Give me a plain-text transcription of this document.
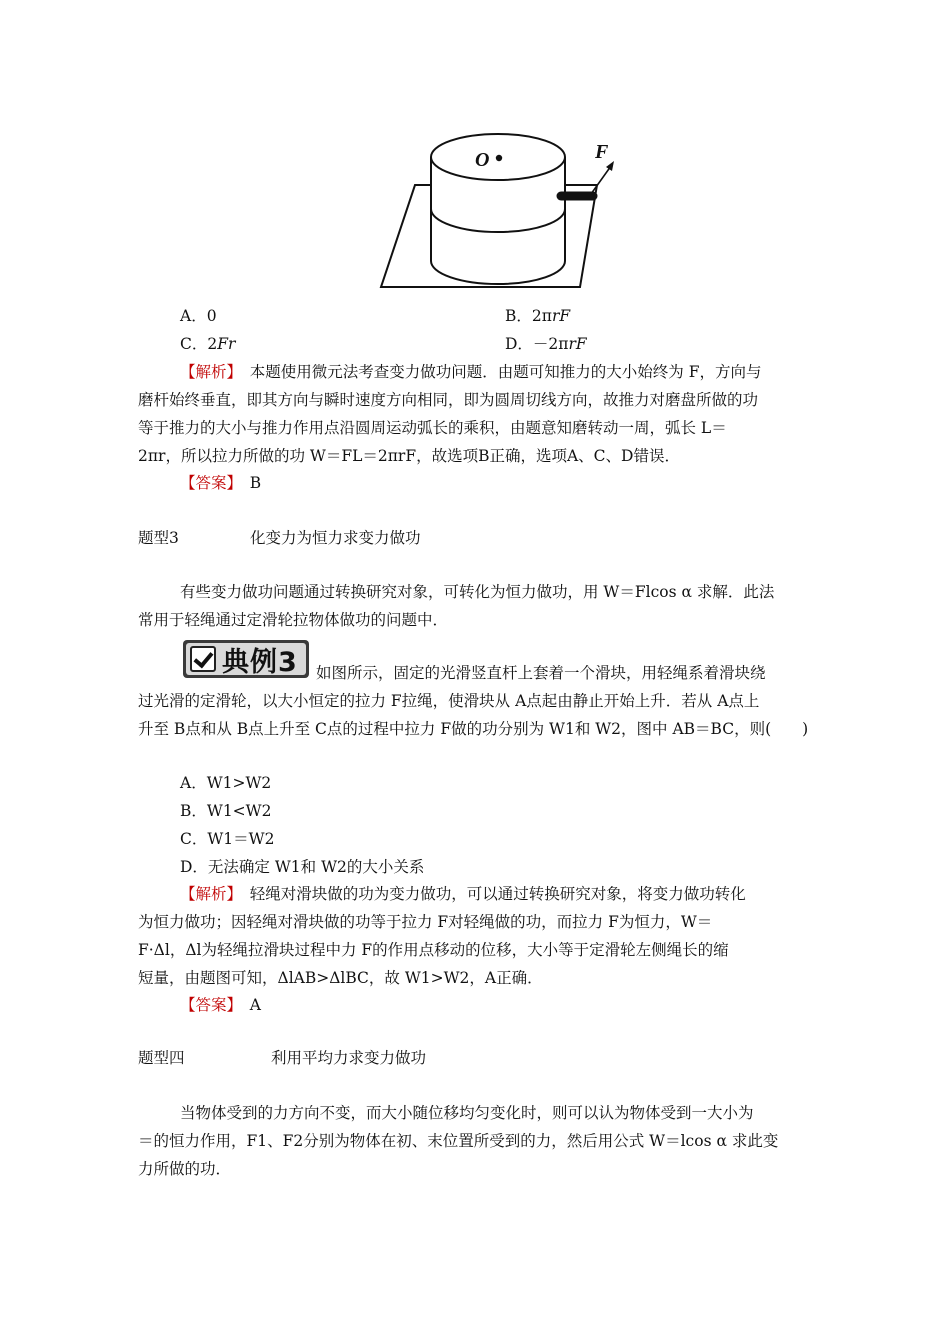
O	F
A．0	B．2πrF
C．2Fr	D．－2πrF
【解析】　本题使用微元法考查变力做功问题．由题可知推力的大小始终为 F，方向与
磨杆始终垂直，即其方向与瞬时速度方向相同，即为圆周切线方向，故推力对磨盘所做的功
等于推力的大小与推力作用点沿圆周运动弧长的乘积，由题意知磨转动一周，弧长 L＝
2πr，所以拉力所做的功 W＝FL＝2πrF，故选项B正确，选项A、C、D错误．
【答案】　B
题型3	化变力为恒力求变力做功
有些变力做功问题通过转换研究对象，可转化为恒力做功，用 W＝Flcos α 求解．此法
常用于轻绳通过定滑轮拉物体做功的问题中．
典例3 如图所示，固定的光滑竖直杆上套着一个滑块，用轻绳系着滑块绕
过光滑的定滑轮，以大小恒定的拉力 F拉绳，使滑块从 A点起由静止开始上升．若从 A点上
升至 B点和从 B点上升至 C点的过程中拉力 F做的功分别为 W1和 W2，图中 AB＝BC，则(　　)
A．W1>W2
B．W1<W2
C．W1＝W2
D．无法确定 W1和 W2的大小关系
【解析】　轻绳对滑块做的功为变力做功，可以通过转换研究对象，将变力做功转化
为恒力做功；因轻绳对滑块做的功等于拉力 F对轻绳做的功，而拉力 F为恒力，W＝
F·Δl，Δl为轻绳拉滑块过程中力 F的作用点移动的位移，大小等于定滑轮左侧绳长的缩
短量，由题图可知，ΔlAB>ΔlBC，故 W1>W2，A正确．
【答案】　A
题型四	利用平均力求变力做功
当物体受到的力方向不变，而大小随位移均匀变化时，则可以认为物体受到一大小为
＝的恒力作用，F1、F2分别为物体在初、末位置所受到的力，然后用公式 W＝lcos α 求此变
力所做的功．
